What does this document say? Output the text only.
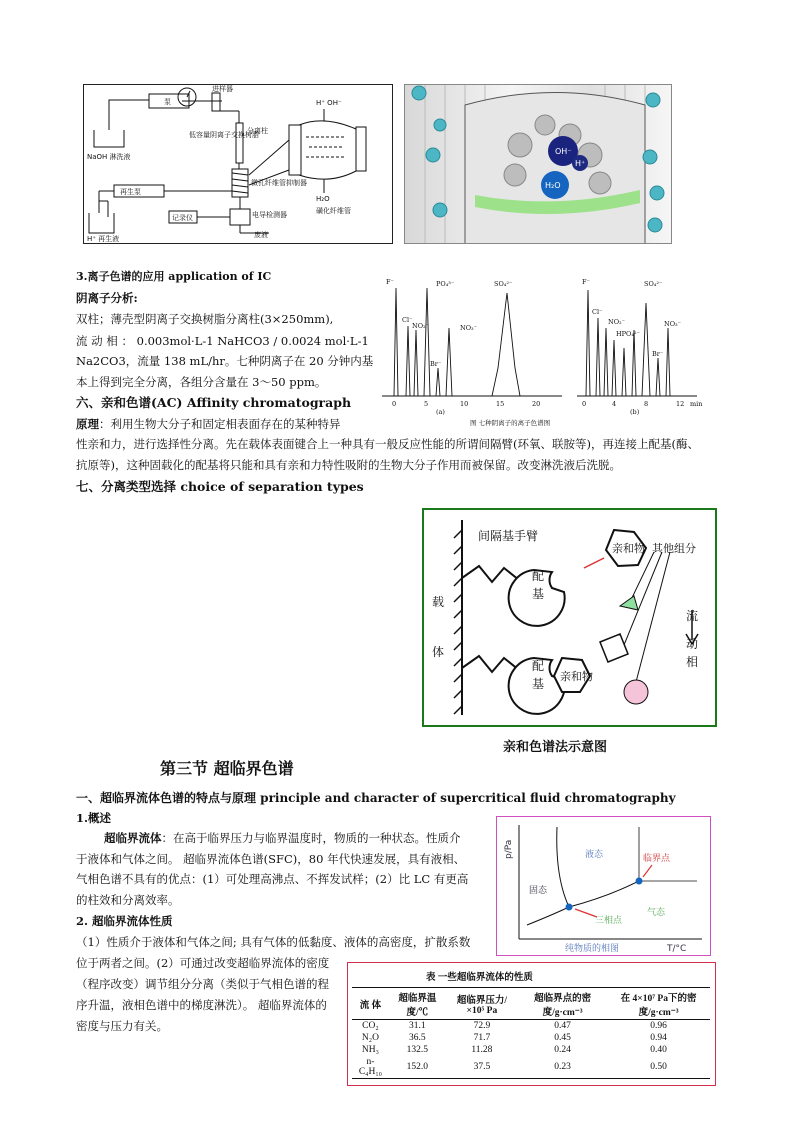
泵
进样器
NaOH 淋洗液
低容量阴离子交换树脂
分离柱
H⁺ OH⁻
H₂O
微孔纤维管抑制器
再生泵
电导检测器
记录仪
废液
H⁺ 再生液
磺化纤维管
OH⁻
H⁺
H₂O
3.离子色谱的应用 application of IC
阴离子分析:
双柱；薄壳型阴离子交换树脂分离柱(3×250mm),
流 动 相 ： 0.003mol·L-1 NaHCO3 / 0.0024 mol·L-1
Na2CO3，流量 138 mL/hr。七种阴离子在 20 分钟内基
本上得到完全分离，各组分含量在 3～50 ppm。
F⁻
Cl⁻
NO₂⁻
PO₄³⁻
Br⁻
NO₃⁻
SO₄²⁻
0	5	10	15	20
(a)
F⁻
Cl⁻
NO₂⁻
HPO₄²⁻
Br⁻
NO₃⁻
SO₄²⁻
0	4	8	12 min
(b)
图 七种阴离子的离子色谱图
六、亲和色谱(AC) Affinity chromatograph
原理：利用生物大分子和固定相表面存在的某种特异
性亲和力，进行选择性分离。先在载体表面键合上一种具有一般反应性能的所谓间隔臂(环氧、联胺等)，再连接上配基(酶、
抗原等)，这种固载化的配基将只能和具有亲和力特性吸附的生物大分子作用而被保留。改变淋洗液后洗脱。
七、分离类型选择 choice of separation types
间隔基手臂
亲和物 其他组分
载
体
配
基
配
基
亲和物
流
动
相
亲和色谱法示意图
第三节 超临界色谱
一、超临界流体色谱的特点与原理 principle and character of supercritical fluid chromatography
1.概述
超临界流体：在高于临界压力与临界温度时，物质的一种状态。性质介
于液体和气体之间。 超临界流体色谱(SFC)，80 年代快速发展，具有液相、
气相色谱不具有的优点：(1）可处理高沸点、不挥发试样；(2）比 LC 有更高
的柱效和分离效率。
2. 超临界流体性质
（1）性质介于液体和气体之间; 具有气体的低黏度、液体的高密度，扩散系数
位于两者之间。(2）可通过改变超临界流体的密度
（程序改变）调节组分分离（类似于气相色谱的程
序升温，液相色谱中的梯度淋洗）。 超临界流体的
密度与压力有关。
p/Pa	液态
固态
气态
临界点
三相点
T/°C
纯物质的相图
表 一些超临界流体的性质
流 体	超临界温度/℃	超临界压力/×10⁵ Pa	超临界点的密度/g·cm⁻³	在 4×10⁷ Pa下的密度/g·cm⁻³
CO₂	31.1	72.9	0.47	0.96
N₂O	36.5	71.7	0.45	0.94
NH₃	132.5	11.28	0.24	0.40
n-C₄H₁₀	152.0	37.5	0.23	0.50
